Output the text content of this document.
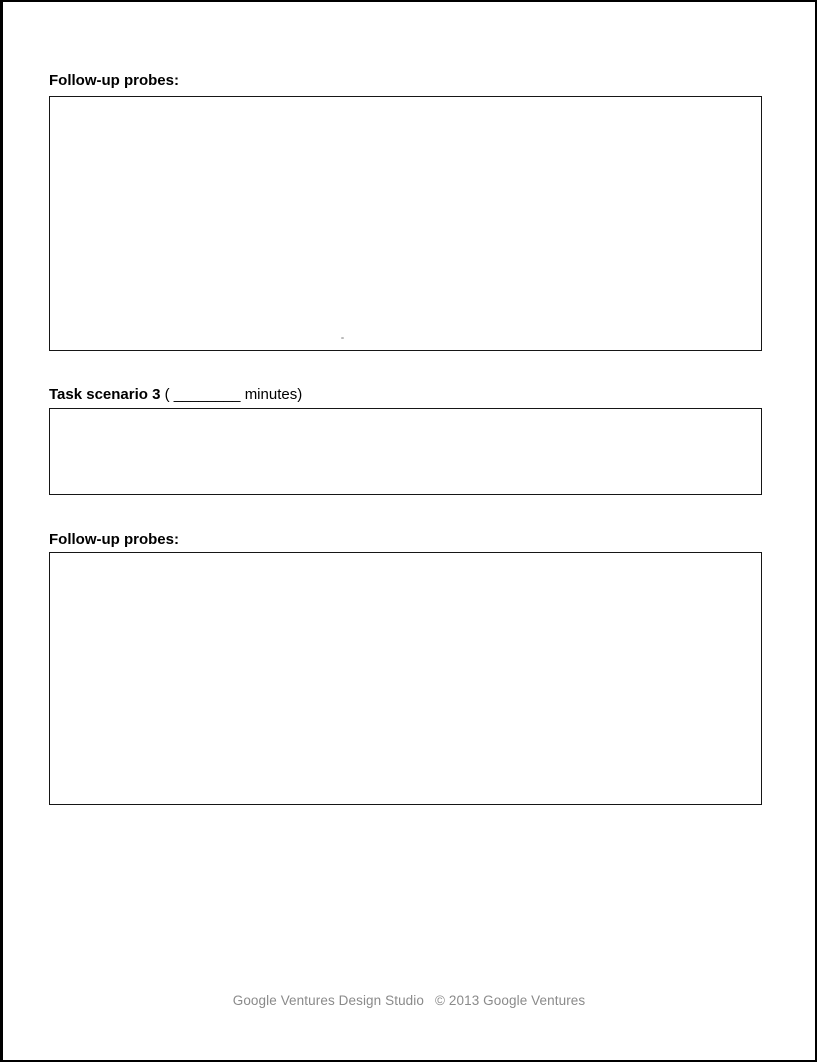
Follow-up probes:
Task scenario 3 ( ________ minutes)
Follow-up probes:
Google Ventures Design Studio © 2013 Google Ventures
